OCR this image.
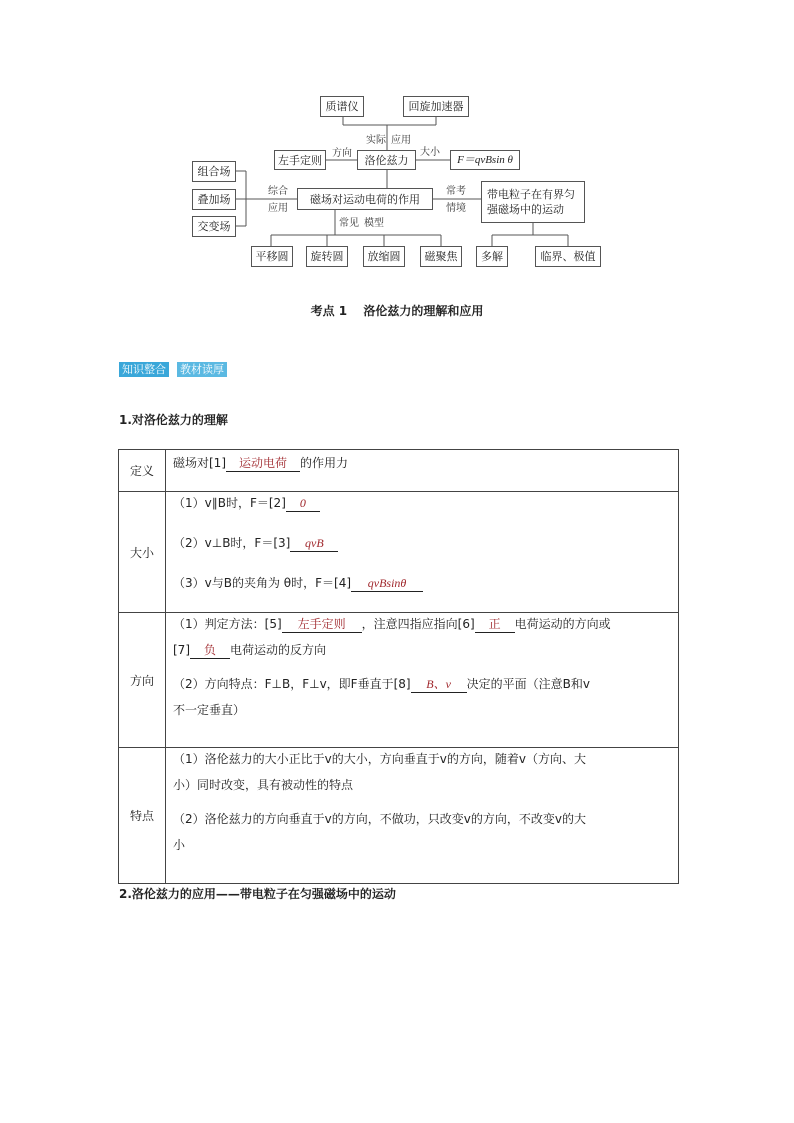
质谱仪	回旋加速器
左手定则	洛伦兹力	F＝qvBsin θ
组合场
叠加场
交变场
磁场对运动电荷的作用	带电粒子在有界匀强磁场中的运动
平移圆	旋转圆	放缩圆	磁聚焦	多解	临界、极值
实际 应用
方向	大小
综合
应用
常考
情境
常见 模型
考点 1 洛伦兹力的理解和应用
知识整合 教材读厚
1.对洛伦兹力的理解
定义	磁场对[1] 运动电荷 的作用力

大小	（1）v∥B时，F＝[2] 0
（2）v⊥B时，F＝[3] qvB
（3）v与B的夹角为 θ时，F＝[4] qvBsinθ

方向	（1）判定方法：[5] 左手定则 ，注意四指应指向[6] 正 电荷运动的方向或
[7] 负 电荷运动的反方向
（2）方向特点：F⊥B，F⊥v，即F垂直于[8] B、v 决定的平面（注意B和v
不一定垂直）

特点	（1）洛伦兹力的大小正比于v的大小，方向垂直于v的方向，随着v（方向、大
小）同时改变，具有被动性的特点
（2）洛伦兹力的方向垂直于v的方向，不做功，只改变v的方向，不改变v的大
小
2.洛伦兹力的应用——带电粒子在匀强磁场中的运动
